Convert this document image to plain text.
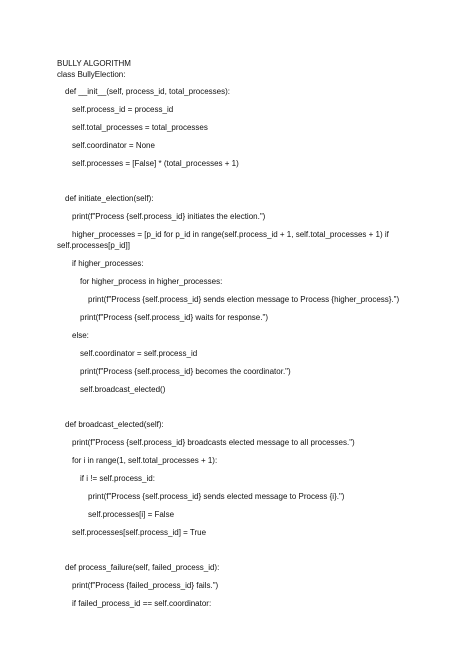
BULLY ALGORITHM
class BullyElection:
def __init__(self, process_id, total_processes):
self.process_id = process_id
self.total_processes = total_processes
self.coordinator = None
self.processes = [False] * (total_processes + 1)
def initiate_election(self):
print(f"Process {self.process_id} initiates the election.")
higher_processes = [p_id for p_id in range(self.process_id + 1, self.total_processes + 1) if
self.processes[p_id]]
if higher_processes:
for higher_process in higher_processes:
print(f"Process {self.process_id} sends election message to Process {higher_process}.")
print(f"Process {self.process_id} waits for response.")
else:
self.coordinator = self.process_id
print(f"Process {self.process_id} becomes the coordinator.")
self.broadcast_elected()
def broadcast_elected(self):
print(f"Process {self.process_id} broadcasts elected message to all processes.")
for i in range(1, self.total_processes + 1):
if i != self.process_id:
print(f"Process {self.process_id} sends elected message to Process {i}.")
self.processes[i] = False
self.processes[self.process_id] = True
def process_failure(self, failed_process_id):
print(f"Process {failed_process_id} fails.")
if failed_process_id == self.coordinator:
